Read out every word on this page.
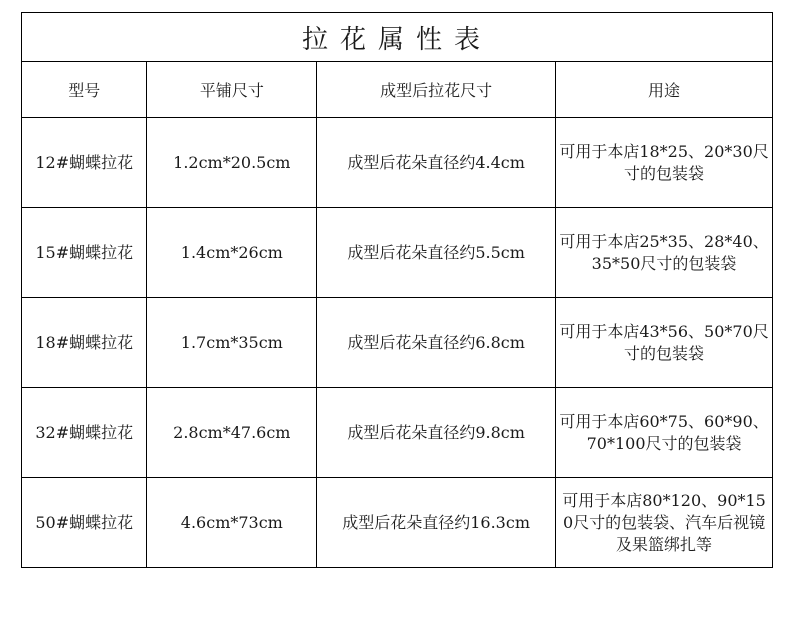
拉花属性表			
型号	平铺尺寸	成型后拉花尺寸	用途
12#蝴蝶拉花	1.2cm*20.5cm	成型后花朵直径约4.4cm	可用于本店18*25、20*30尺寸的包装袋
15#蝴蝶拉花	1.4cm*26cm	成型后花朵直径约5.5cm	可用于本店25*35、28*40、35*50尺寸的包装袋
18#蝴蝶拉花	1.7cm*35cm	成型后花朵直径约6.8cm	可用于本店43*56、50*70尺寸的包装袋
32#蝴蝶拉花	2.8cm*47.6cm	成型后花朵直径约9.8cm	可用于本店60*75、60*90、70*100尺寸的包装袋
50#蝴蝶拉花	4.6cm*73cm	成型后花朵直径约16.3cm	可用于本店80*120、90*150尺寸的包装袋、汽车后视镜及果篮绑扎等
